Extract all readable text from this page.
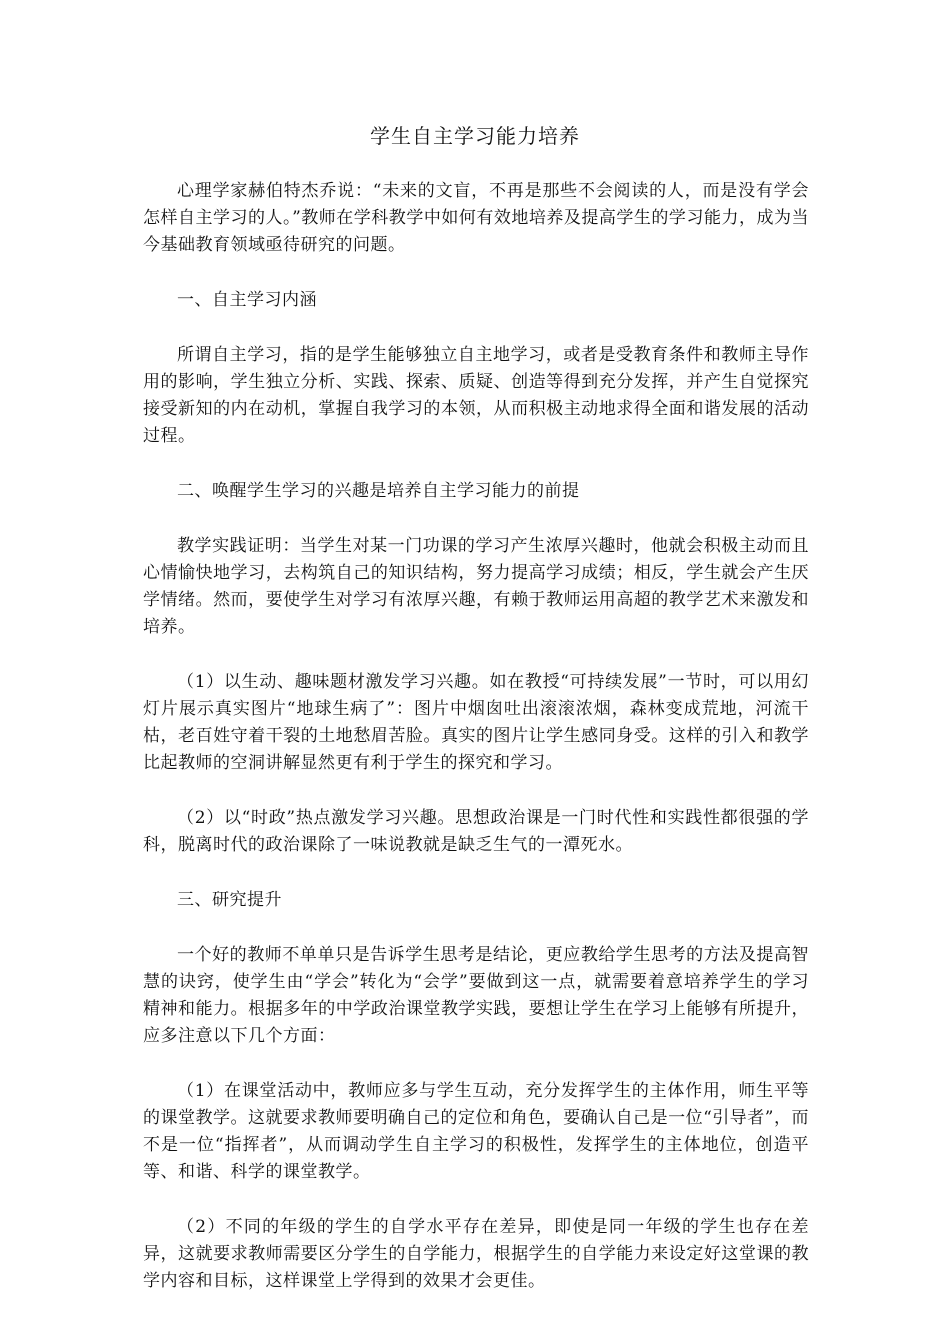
学生自主学习能力培养

心理学家赫伯特杰乔说：“未来的文盲，不再是那些不会阅读的人，而是没有学会怎样自主学习的人。”教师在学科教学中如何有效地培养及提高学生的学习能力，成为当今基础教育领域亟待研究的问题。

一、自主学习内涵

所谓自主学习，指的是学生能够独立自主地学习，或者是受教育条件和教师主导作用的影响，学生独立分析、实践、探索、质疑、创造等得到充分发挥，并产生自觉探究接受新知的内在动机，掌握自我学习的本领，从而积极主动地求得全面和谐发展的活动过程。

二、唤醒学生学习的兴趣是培养自主学习能力的前提

教学实践证明：当学生对某一门功课的学习产生浓厚兴趣时，他就会积极主动而且心情愉快地学习，去构筑自己的知识结构，努力提高学习成绩；相反，学生就会产生厌学情绪。然而，要使学生对学习有浓厚兴趣，有赖于教师运用高超的教学艺术来激发和培养。

（1）以生动、趣味题材激发学习兴趣。如在教授“可持续发展”一节时，可以用幻灯片展示真实图片“地球生病了”：图片中烟囱吐出滚滚浓烟，森林变成荒地，河流干枯，老百姓守着干裂的土地愁眉苦脸。真实的图片让学生感同身受。这样的引入和教学比起教师的空洞讲解显然更有利于学生的探究和学习。

（2）以“时政”热点激发学习兴趣。思想政治课是一门时代性和实践性都很强的学科，脱离时代的政治课除了一味说教就是缺乏生气的一潭死水。

三、研究提升

一个好的教师不单单只是告诉学生思考是结论，更应教给学生思考的方法及提高智慧的诀窍，使学生由“学会”转化为“会学”要做到这一点，就需要着意培养学生的学习精神和能力。根据多年的中学政治课堂教学实践，要想让学生在学习上能够有所提升，应多注意以下几个方面：

（1）在课堂活动中，教师应多与学生互动，充分发挥学生的主体作用，师生平等的课堂教学。这就要求教师要明确自己的定位和角色，要确认自己是一位“引导者”，而不是一位“指挥者”，从而调动学生自主学习的积极性，发挥学生的主体地位，创造平等、和谐、科学的课堂教学。

（2）不同的年级的学生的自学水平存在差异，即使是同一年级的学生也存在差异，这就要求教师需要区分学生的自学能力，根据学生的自学能力来设定好这堂课的教学内容和目标，这样课堂上学得到的效果才会更佳。
